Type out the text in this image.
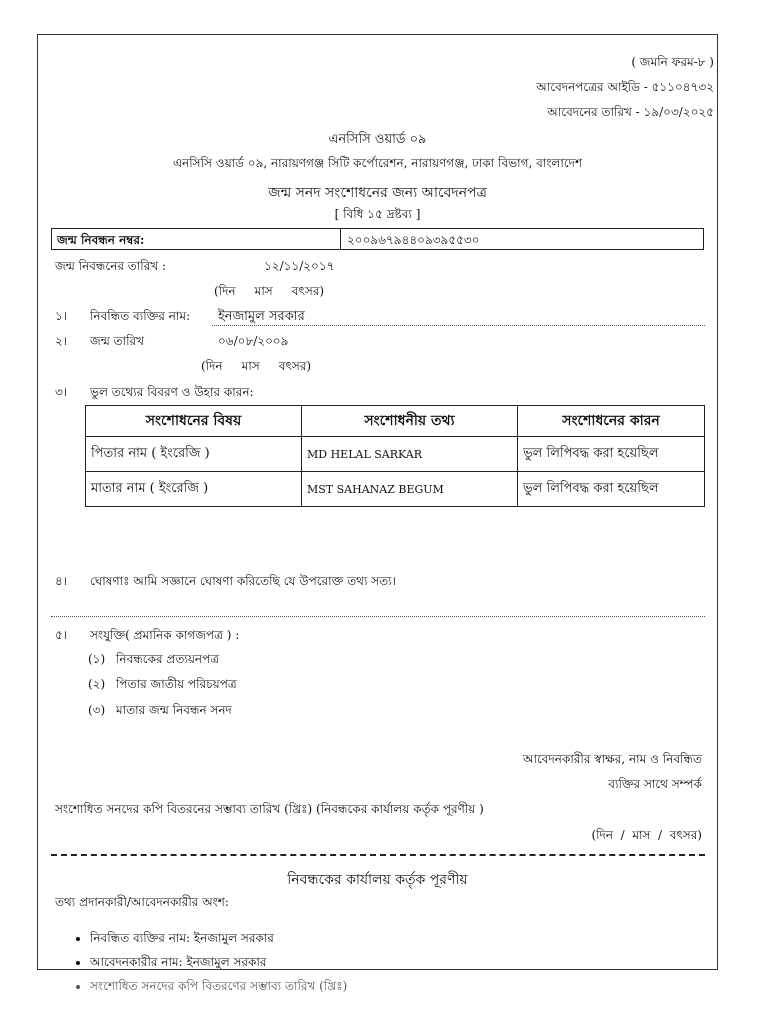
( জমনি ফরম-৮ )
আবেদনপত্রের আইডি - ৫১১০৪৭৩২
আবেদনের তারিখ - ১৯/০৩/২০২৫
এনসিসি ওয়ার্ড ০৯
এনসিসি ওয়ার্ড ০৯, নারায়ণগঞ্জ সিটি কর্পোরেশন, নারায়ণগঞ্জ, ঢাকা বিভাগ, বাংলাদেশ
জন্ম সনদ সংশোধনের জন্য আবেদনপত্র
[ বিধি ১৫ দ্রষ্টব্য ]
জন্ম নিবন্ধন নম্বর:	২০০৯৬৭৯৪৪০৯৩৯৫৫৩০
জন্ম নিবন্ধনের তারিখ :	১২/১১/২০১৭
(দিন     মাস     বৎসর)
১। নিবন্ধিত ব্যক্তির নাম: ইনজামুল সরকার
২। জন্ম তারিখ	০৬/০৮/২০০৯
(দিন     মাস     বৎসর)
৩। ভুল তথ্যের বিবরণ ও উহার কারন:
সংশোধনের বিষয়	সংশোধনীয় তথ্য	সংশোধনের কারন
পিতার নাম ( ইংরেজি )	MD HELAL SARKAR	ভুল লিপিবদ্ধ করা হয়েছিল
মাতার নাম ( ইংরেজি )	MST SAHANAZ BEGUM	ভুল লিপিবদ্ধ করা হয়েছিল
৪। ঘোষণাঃ আমি সজ্ঞানে ঘোষণা করিতেছি যে উপরোক্ত তথ্য সত্য।
৫। সংযুক্তি( প্রমানিক কাগজপত্র ) :
(১) নিবন্ধকের প্রত্যয়নপত্র
(২) পিতার জাতীয় পরিচয়পত্র
(৩) মাতার জন্ম নিবন্ধন সনদ
আবেদনকারীর স্বাক্ষর, নাম ও নিবন্ধিত
ব্যক্তির সাথে সম্পর্ক
সংশোধিত সনদের কপি বিতরনের সম্ভাব্য তারিখ (খ্রিঃ) (নিবন্ধকের কার্যালয় কর্তৃক পূরণীয় )
(দিন  /  মাস  /  বৎসর)
নিবন্ধকের কার্যালয় কর্তৃক পূরণীয়
তথ্য প্রদানকারী/আবেদনকারীর অংশ:
• নিবন্ধিত ব্যক্তির নাম: ইনজামুল সরকার
• আবেদনকারীর নাম: ইনজামুল সরকার
• সংশোধিত সনদের কপি বিতরণের সম্ভাব্য তারিখ (খ্রিঃ)
